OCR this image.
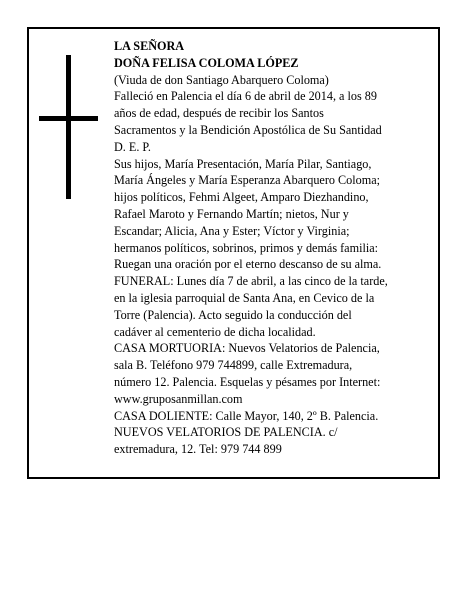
LA SEÑORA
DOÑA FELISA COLOMA LÓPEZ
(Viuda de don Santiago Abarquero Coloma)
Falleció en Palencia el día 6 de abril de 2014, a los 89
años de edad, después de recibir los Santos
Sacramentos y la Bendición Apostólica de Su Santidad
D. E. P.
Sus hijos, María Presentación, María Pilar, Santiago,
María Ángeles y María Esperanza Abarquero Coloma;
hijos políticos, Fehmi Algeet, Amparo Diezhandino,
Rafael Maroto y Fernando Martín; nietos, Nur y
Escandar; Alicia, Ana y Ester; Víctor y Virginia;
hermanos políticos, sobrinos, primos y demás familia:
Ruegan una oración por el eterno descanso de su alma.
FUNERAL: Lunes día 7 de abril, a las cinco de la tarde,
en la iglesia parroquial de Santa Ana, en Cevico de la
Torre (Palencia). Acto seguido la conducción del
cadáver al cementerio de dicha localidad.
CASA MORTUORIA: Nuevos Velatorios de Palencia,
sala B. Teléfono 979 744899, calle Extremadura,
número 12. Palencia. Esquelas y pésames por Internet:
www.gruposanmillan.com
CASA DOLIENTE: Calle Mayor, 140, 2º B. Palencia.
NUEVOS VELATORIOS DE PALENCIA. c/
extremadura, 12. Tel: 979 744 899
